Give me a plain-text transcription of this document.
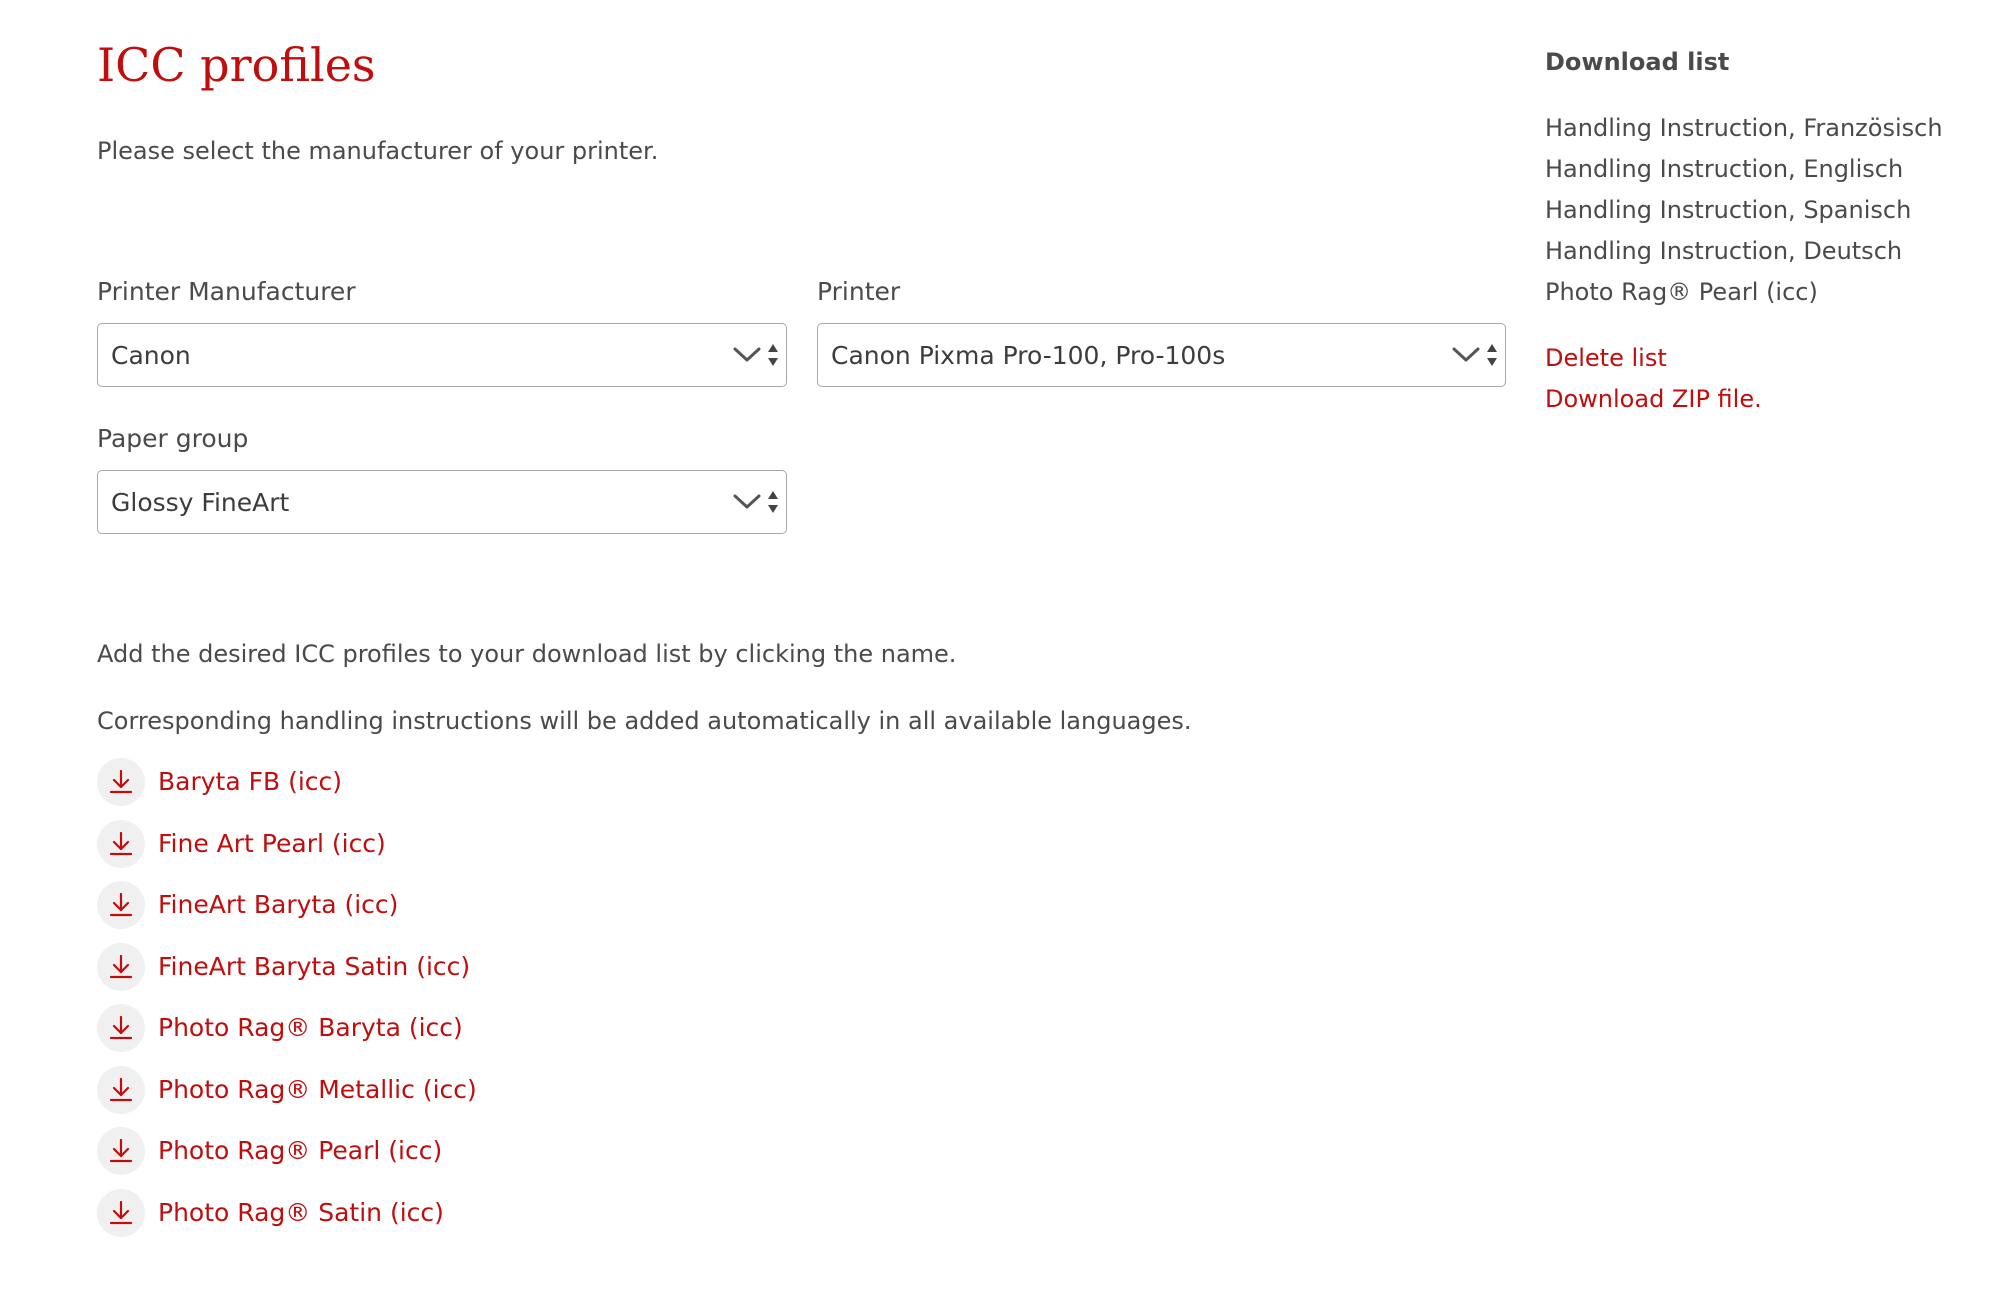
ICC profiles
Please select the manufacturer of your printer.
Printer Manufacturer
Canon
Printer
Canon Pixma Pro-100, Pro-100s
Paper group
Glossy FineArt
Add the desired ICC profiles to your download list by clicking the name.
Corresponding handling instructions will be added automatically in all available languages.
Baryta FB (icc)
Fine Art Pearl (icc)
FineArt Baryta (icc)
FineArt Baryta Satin (icc)
Photo Rag® Baryta (icc)
Photo Rag® Metallic (icc)
Photo Rag® Pearl (icc)
Photo Rag® Satin (icc)
Download list
Handling Instruction, Französisch
Handling Instruction, Englisch
Handling Instruction, Spanisch
Handling Instruction, Deutsch
Photo Rag® Pearl (icc)
Delete list
Download ZIP file.
